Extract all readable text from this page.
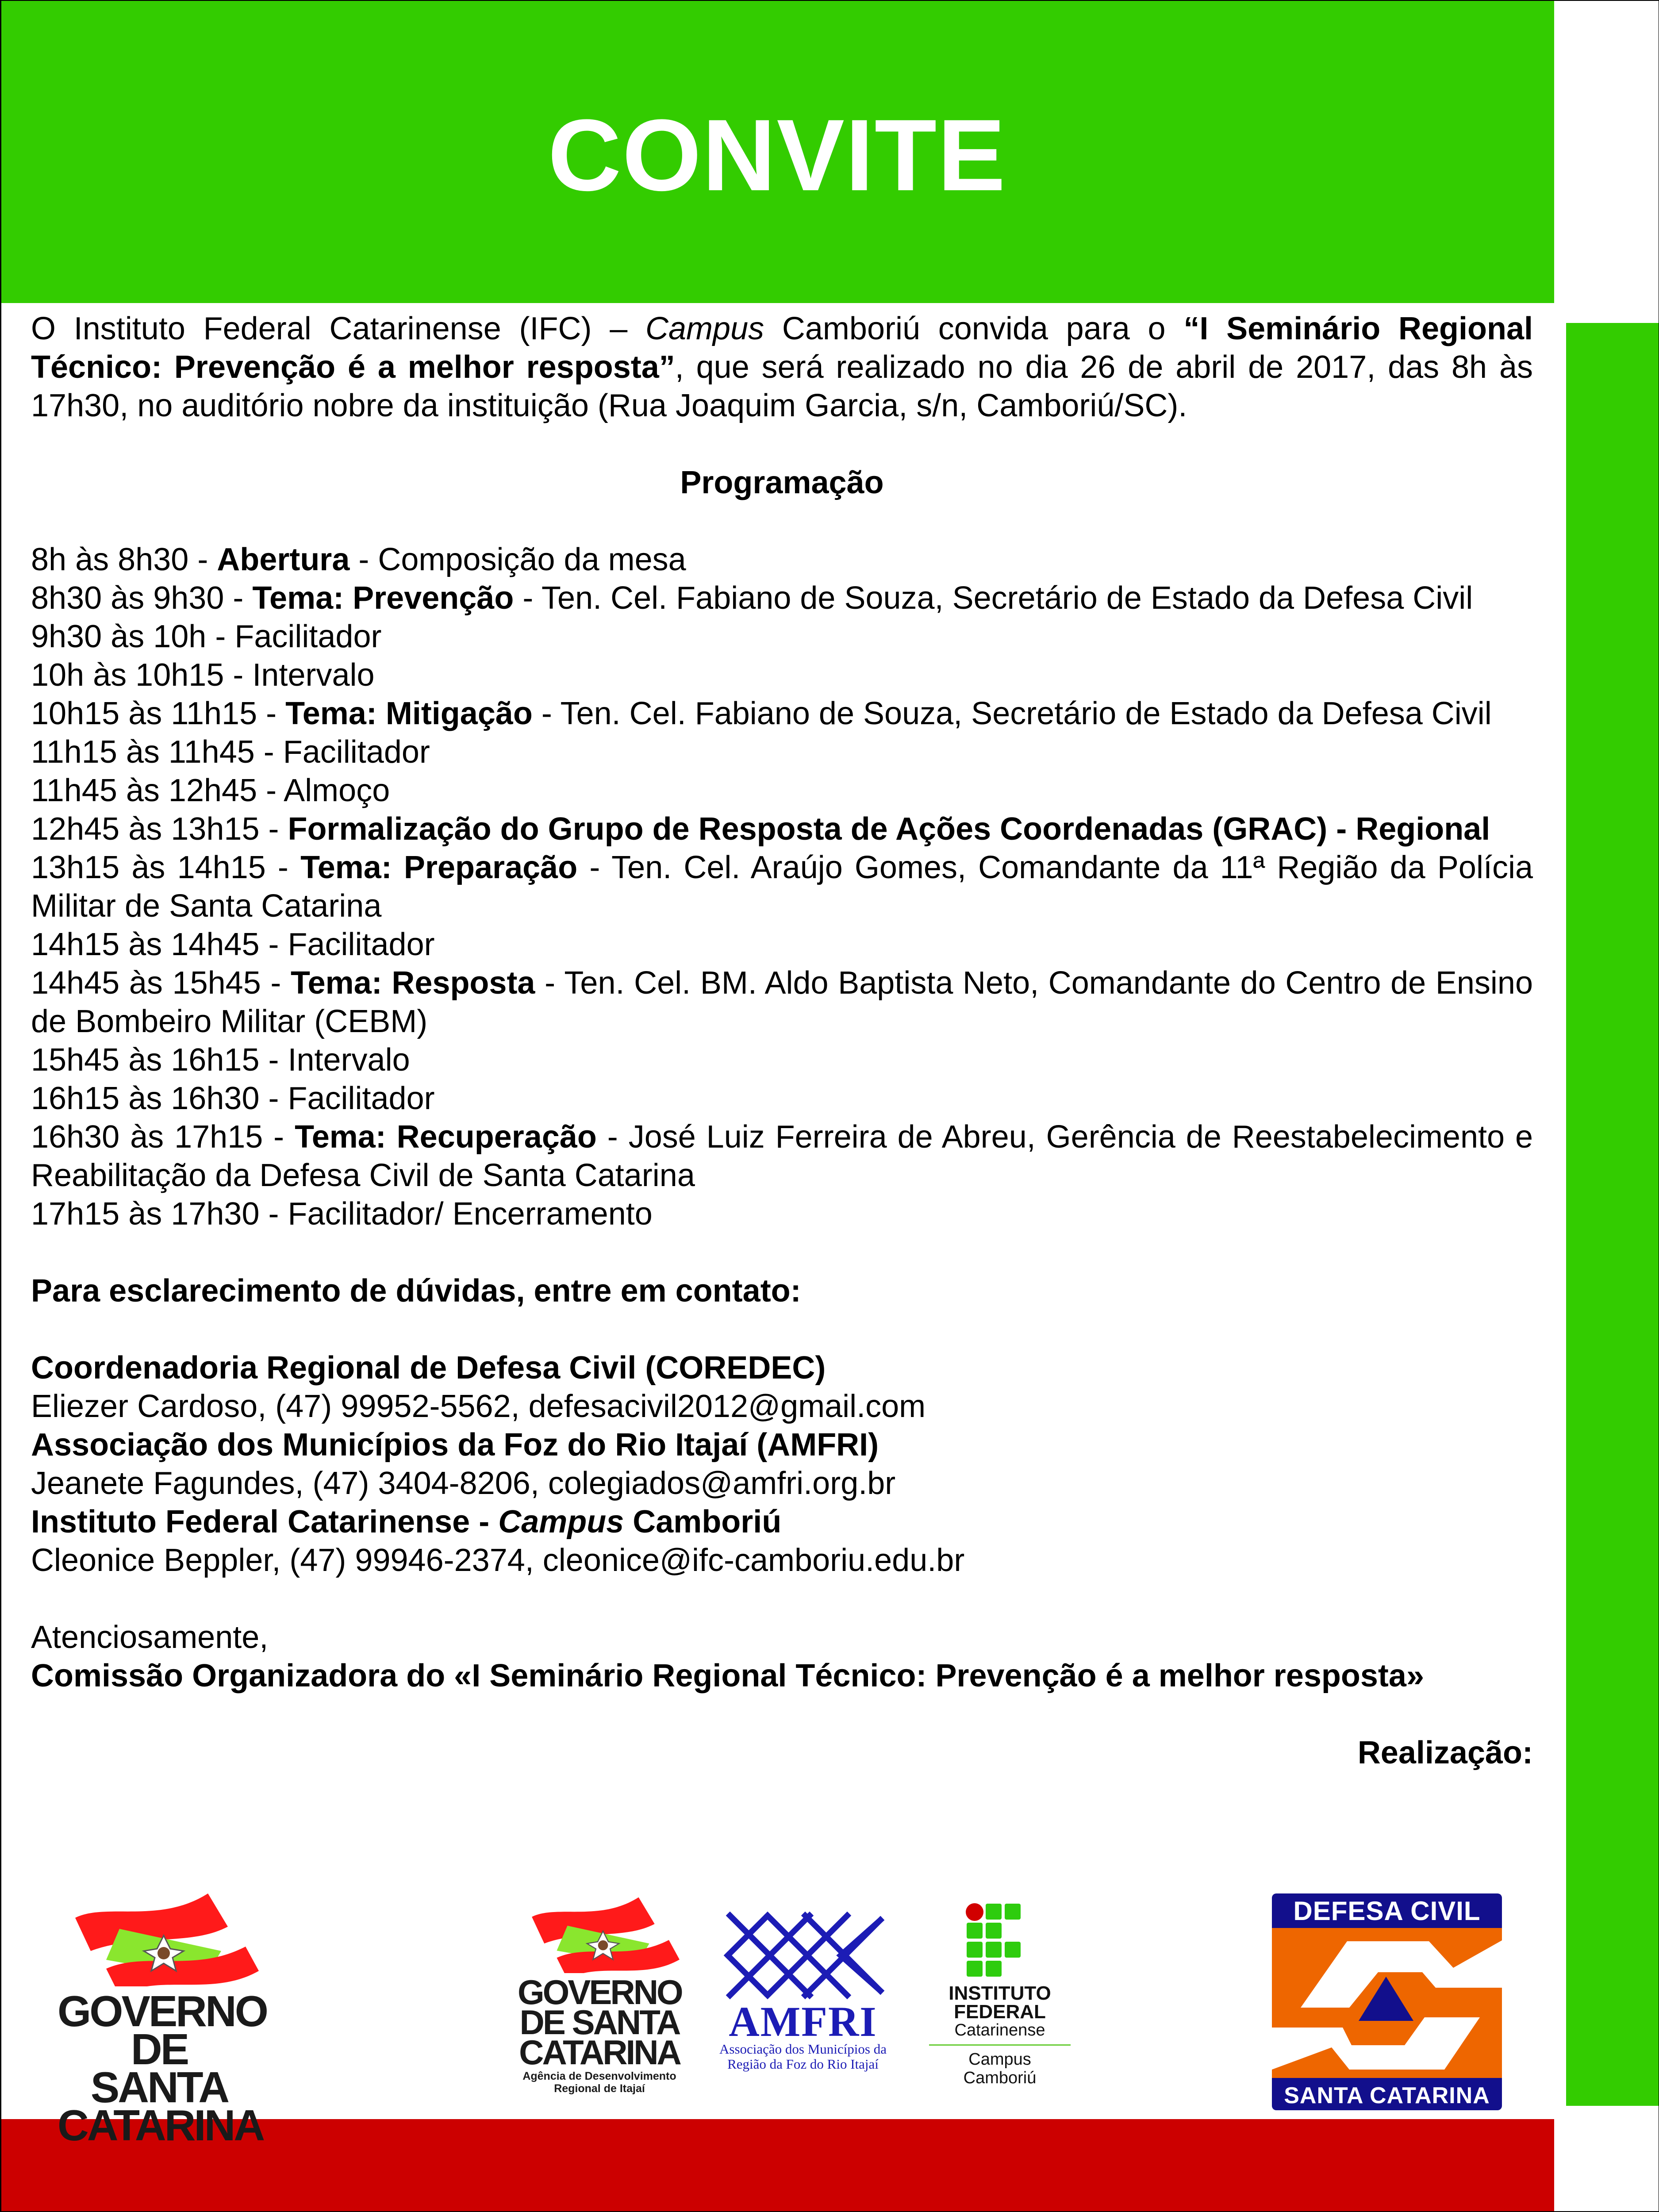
CONVITE

O Instituto Federal Catarinense (IFC) – Campus Camboriú convida para o “I Seminário Regional Técnico: Prevenção é a melhor resposta”, que será realizado no dia 26 de abril de 2017, das 8h às 17h30, no auditório nobre da instituição (Rua Joaquim Garcia, s/n, Camboriú/SC).

Programação

8h às 8h30 - Abertura - Composição da mesa

8h30 às 9h30 - Tema: Prevenção - Ten. Cel. Fabiano de Souza, Secretário de Estado da Defesa Civil

9h30 às 10h - Facilitador

10h às 10h15 - Intervalo

10h15 às 11h15 - Tema: Mitigação - Ten. Cel. Fabiano de Souza, Secretário de Estado da Defesa Civil

11h15 às 11h45 - Facilitador

11h45 às 12h45 - Almoço

12h45 às 13h15 - Formalização do Grupo de Resposta de Ações Coordenadas (GRAC) - Regional

13h15 às 14h15 - Tema: Preparação - Ten. Cel. Araújo Gomes, Comandante da 11ª Região da Polícia Militar de Santa Catarina

14h15 às 14h45 - Facilitador

14h45 às 15h45 - Tema: Resposta - Ten. Cel. BM. Aldo Baptista Neto, Comandante do Centro de Ensino de Bombeiro Militar (CEBM)

15h45 às 16h15 - Intervalo

16h15 às 16h30 - Facilitador

16h30 às 17h15 - Tema: Recuperação - José Luiz Ferreira de Abreu, Gerência de Reestabelecimento e Reabilitação da Defesa Civil de Santa Catarina

17h15 às 17h30 - Facilitador/ Encerramento

Para esclarecimento de dúvidas, entre em contato:

Coordenadoria Regional de Defesa Civil (COREDEC)

Eliezer Cardoso, (47) 99952-5562, defesacivil2012@gmail.com

Associação dos Municípios da Foz do Rio Itajaí (AMFRI)

Jeanete Fagundes, (47) 3404-8206, colegiados@amfri.org.br

Instituto Federal Catarinense - Campus Camboriú

Cleonice Beppler, (47) 99946-2374, cleonice@ifc-camboriu.edu.br

Atenciosamente,

Comissão Organizadora do «I Seminário Regional Técnico: Prevenção é a melhor resposta»

Realização:

GOVERNO
DE SANTA
CATARINA
GOVERNO
DE SANTA
CATARINA
Agência de Desenvolvimento
Regional de Itajaí
AMFRI
Associação dos Municípios da
Região da Foz do Rio Itajaí
INSTITUTO
FEDERAL
Catarinense
Campus
Camboriú
DEFESA CIVIL
SANTA CATARINA
